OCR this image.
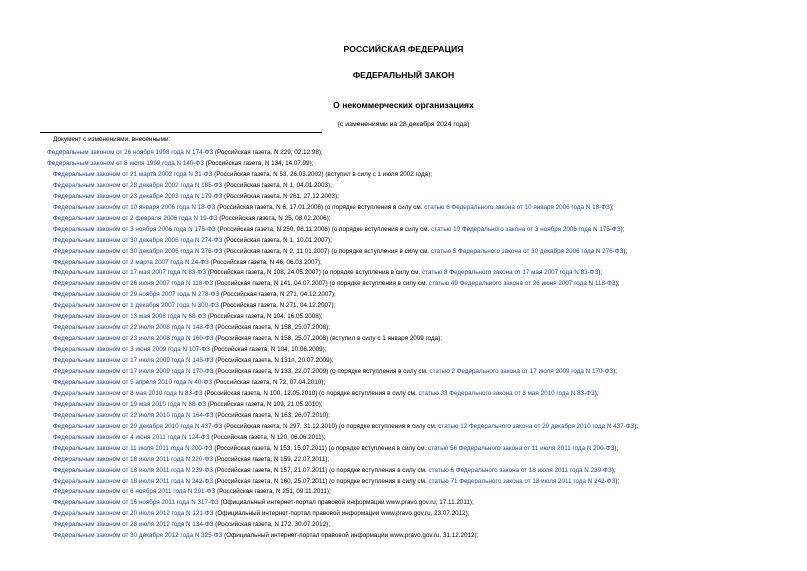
РОССИЙСКАЯ ФЕДЕРАЦИЯ
ФЕДЕРАЛЬНЫЙ ЗАКОН
О некоммерческих организациях
(с изменениями на 28 декабря 2024 года)
Документ с изменениями, внесенными:
Федеральным законом от 26 ноября 1998 года N 174-ФЗ (Российская газета, N 229, 02.12.98);
Федеральным законом от 8 июля 1999 года N 140-ФЗ (Российская газета, N 134, 14.07.99);
Федеральным законом от 21 марта 2002 года N 31-ФЗ (Российская газета, N 53, 26.03.2002) (вступил в силу с 1 июля 2002 года);
Федеральным законом от 28 декабря 2002 года N 185-ФЗ (Российская газета, N 1, 04.01.2003);
Федеральным законом от 23 декабря 2003 года N 179-ФЗ (Российская газета, N 261, 27.12.2003);
Федеральным законом от 10 января 2006 года N 18-ФЗ (Российская газета, N 6, 17.01.2006) (о порядке вступления в силу см. статью 6 Федерального закона от 10 января 2006 года N 18-ФЗ);
Федеральным законом от 2 февраля 2006 года N 19-ФЗ (Российская газета, N 25, 08.02.2006);
Федеральным законом от 3 ноября 2006 года N 175-ФЗ (Российская газета, N 250, 08.11.2006) (о порядке вступления в силу см. статью 10 Федерального закона от 3 ноября 2006 года N 175-ФЗ);
Федеральным законом от 30 декабря 2006 года N 274-ФЗ (Российская газета, N 1, 10.01.2007);
Федеральным законом от 30 декабря 2006 года N 276-ФЗ (Российская газета, N 2, 11.01.2007) (о порядке вступления в силу см. статью 5 Федерального закона от 30 декабря 2006 года N 276-ФЗ);
Федеральным законом от 2 марта 2007 года N 24-ФЗ (Российская газета, N 46, 06.03.2007);
Федеральным законом от 17 мая 2007 года N 83-ФЗ (Российская газета, N 108, 24.05.2007) (о порядке вступления в силу см. статью 8 Федерального закона от 17 мая 2007 года N 83-ФЗ);
Федеральным законом от 26 июня 2007 года N 118-ФЗ (Российская газета, N 141, 04.07.2007) (о порядке вступления в силу см. статью 49 Федерального закона от 26 июня 2007 года N 118-ФЗ);
Федеральным законом от 29 ноября 2007 года N 278-ФЗ (Российская газета, N 271, 04.12.2007);
Федеральным законом от 1 декабря 2007 года N 300-ФЗ (Российская газета, N 271, 04.12.2007);
Федеральным законом от 13 мая 2008 года N 68-ФЗ (Российская газета, N 104, 16.05.2008);
Федеральным законом от 22 июля 2008 года N 148-ФЗ (Российская газета, N 158, 25.07.2008);
Федеральным законом от 23 июля 2008 года N 160-ФЗ (Российская газета, N 158, 25.07.2008) (вступил в силу с 1 января 2009 года);
Федеральным законом от 3 июня 2009 года N 107-ФЗ (Российская газета, N 104, 10.06.2009);
Федеральным законом от 17 июля 2009 года N 145-ФЗ (Российская газета, N 131п, 20.07.2009);
Федеральным законом от 17 июля 2009 года N 170-ФЗ (Российская газета, N 133, 22.07.2009) (о порядке вступления в силу см. статью 2 Федерального закона от 17 июля 2009 года N 170-ФЗ);
Федеральным законом от 5 апреля 2010 года N 40-ФЗ (Российская газета, N 72, 07.04.2010);
Федеральным законом от 8 мая 2010 года N 83-ФЗ (Российская газета, N 100, 12.05.2010) (о порядке вступления в силу см. статью 33 Федерального закона от 8 мая 2010 года N 83-ФЗ);
Федеральным законом от 19 мая 2010 года N 88-ФЗ (Российская газета, N 109, 21.05.2010);
Федеральным законом от 22 июля 2010 года N 164-ФЗ (Российская газета, N 163, 26.07.2010);
Федеральным законом от 29 декабря 2010 года N 437-ФЗ (Российская газета, N 297, 31.12.2010) (о порядке вступления в силу см. статью 12 Федерального закона от 29 декабря 2010 года N 437-ФЗ);
Федеральным законом от 4 июня 2011 года N 124-ФЗ (Российская газета, N 120, 06.06.2011);
Федеральным законом от 11 июля 2011 года N 200-ФЗ (Российская газета, N 153, 15.07.2011) (о порядке вступления в силу см. статью 56 Федерального закона от 11 июля 2011 года N 200-ФЗ);
Федеральным законом от 18 июля 2011 года N 220-ФЗ (Российская газета, N 159, 22.07.2011);
Федеральным законом от 18 июля 2011 года N 239-ФЗ (Российская газета, N 157, 21.07.2011) (о порядке вступления в силу см. статью 6 Федерального закона от 18 июля 2011 года N 239-ФЗ);
Федеральным законом от 18 июля 2011 года N 242-ФЗ (Российская газета, N 160, 25.07.2011) (о порядке вступления в силу см. статью 71 Федерального закона от 18 июля 2011 года N 242-ФЗ);
Федеральным законом от 6 ноября 2011 года N 291-ФЗ (Российская газета, N 251, 09.11.2011);
Федеральным законом от 16 ноября 2011 года N 317-ФЗ (Официальный интернет-портал правовой информации www.pravo.gov.ru, 17.11.2011);
Федеральным законом от 20 июля 2012 года N 121-ФЗ (Официальный интернет-портал правовой информации www.pravo.gov.ru, 23.07.2012);
Федеральным законом от 28 июля 2012 года N 134-ФЗ (Российская газета, N 172, 30.07.2012);
Федеральным законом от 30 декабря 2012 года N 325-ФЗ (Официальный интернет-портал правовой информации www.pravo.gov.ru, 31.12.2012);
